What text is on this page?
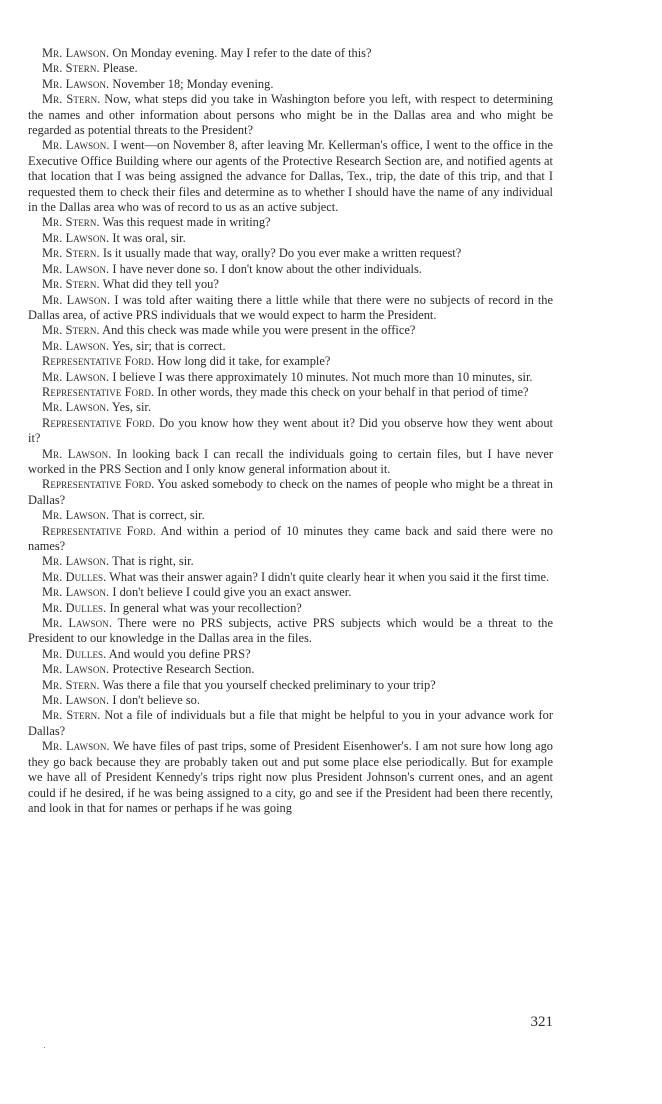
Mr. Lawson. On Monday evening. May I refer to the date of this?

Mr. Stern. Please.

Mr. Lawson. November 18; Monday evening.

Mr. Stern. Now, what steps did you take in Washington before you left, with respect to determining the names and other information about persons who might be in the Dallas area and who might be regarded as potential threats to the President?

Mr. Lawson. I went—on November 8, after leaving Mr. Kellerman's office, I went to the office in the Executive Office Building where our agents of the Protective Research Section are, and notified agents at that location that I was being assigned the advance for Dallas, Tex., trip, the date of this trip, and that I requested them to check their files and determine as to whether I should have the name of any individual in the Dallas area who was of record to us as an active subject.

Mr. Stern. Was this request made in writing?

Mr. Lawson. It was oral, sir.

Mr. Stern. Is it usually made that way, orally? Do you ever make a written request?

Mr. Lawson. I have never done so. I don't know about the other individuals.

Mr. Stern. What did they tell you?

Mr. Lawson. I was told after waiting there a little while that there were no subjects of record in the Dallas area, of active PRS individuals that we would expect to harm the President.

Mr. Stern. And this check was made while you were present in the office?

Mr. Lawson. Yes, sir; that is correct.

Representative Ford. How long did it take, for example?

Mr. Lawson. I believe I was there approximately 10 minutes. Not much more than 10 minutes, sir.

Representative Ford. In other words, they made this check on your behalf in that period of time?

Mr. Lawson. Yes, sir.

Representative Ford. Do you know how they went about it? Did you observe how they went about it?

Mr. Lawson. In looking back I can recall the individuals going to certain files, but I have never worked in the PRS Section and I only know general information about it.

Representative Ford. You asked somebody to check on the names of people who might be a threat in Dallas?

Mr. Lawson. That is correct, sir.

Representative Ford. And within a period of 10 minutes they came back and said there were no names?

Mr. Lawson. That is right, sir.

Mr. Dulles. What was their answer again? I didn't quite clearly hear it when you said it the first time.

Mr. Lawson. I don't believe I could give you an exact answer.

Mr. Dulles. In general what was your recollection?

Mr. Lawson. There were no PRS subjects, active PRS subjects which would be a threat to the President to our knowledge in the Dallas area in the files.

Mr. Dulles. And would you define PRS?

Mr. Lawson. Protective Research Section.

Mr. Stern. Was there a file that you yourself checked preliminary to your trip?

Mr. Lawson. I don't believe so.

Mr. Stern. Not a file of individuals but a file that might be helpful to you in your advance work for Dallas?

Mr. Lawson. We have files of past trips, some of President Eisenhower's. I am not sure how long ago they go back because they are probably taken out and put some place else periodically. But for example we have all of President Kennedy's trips right now plus President Johnson's current ones, and an agent could if he desired, if he was being assigned to a city, go and see if the President had been there recently, and look in that for names or perhaps if he was going

321
